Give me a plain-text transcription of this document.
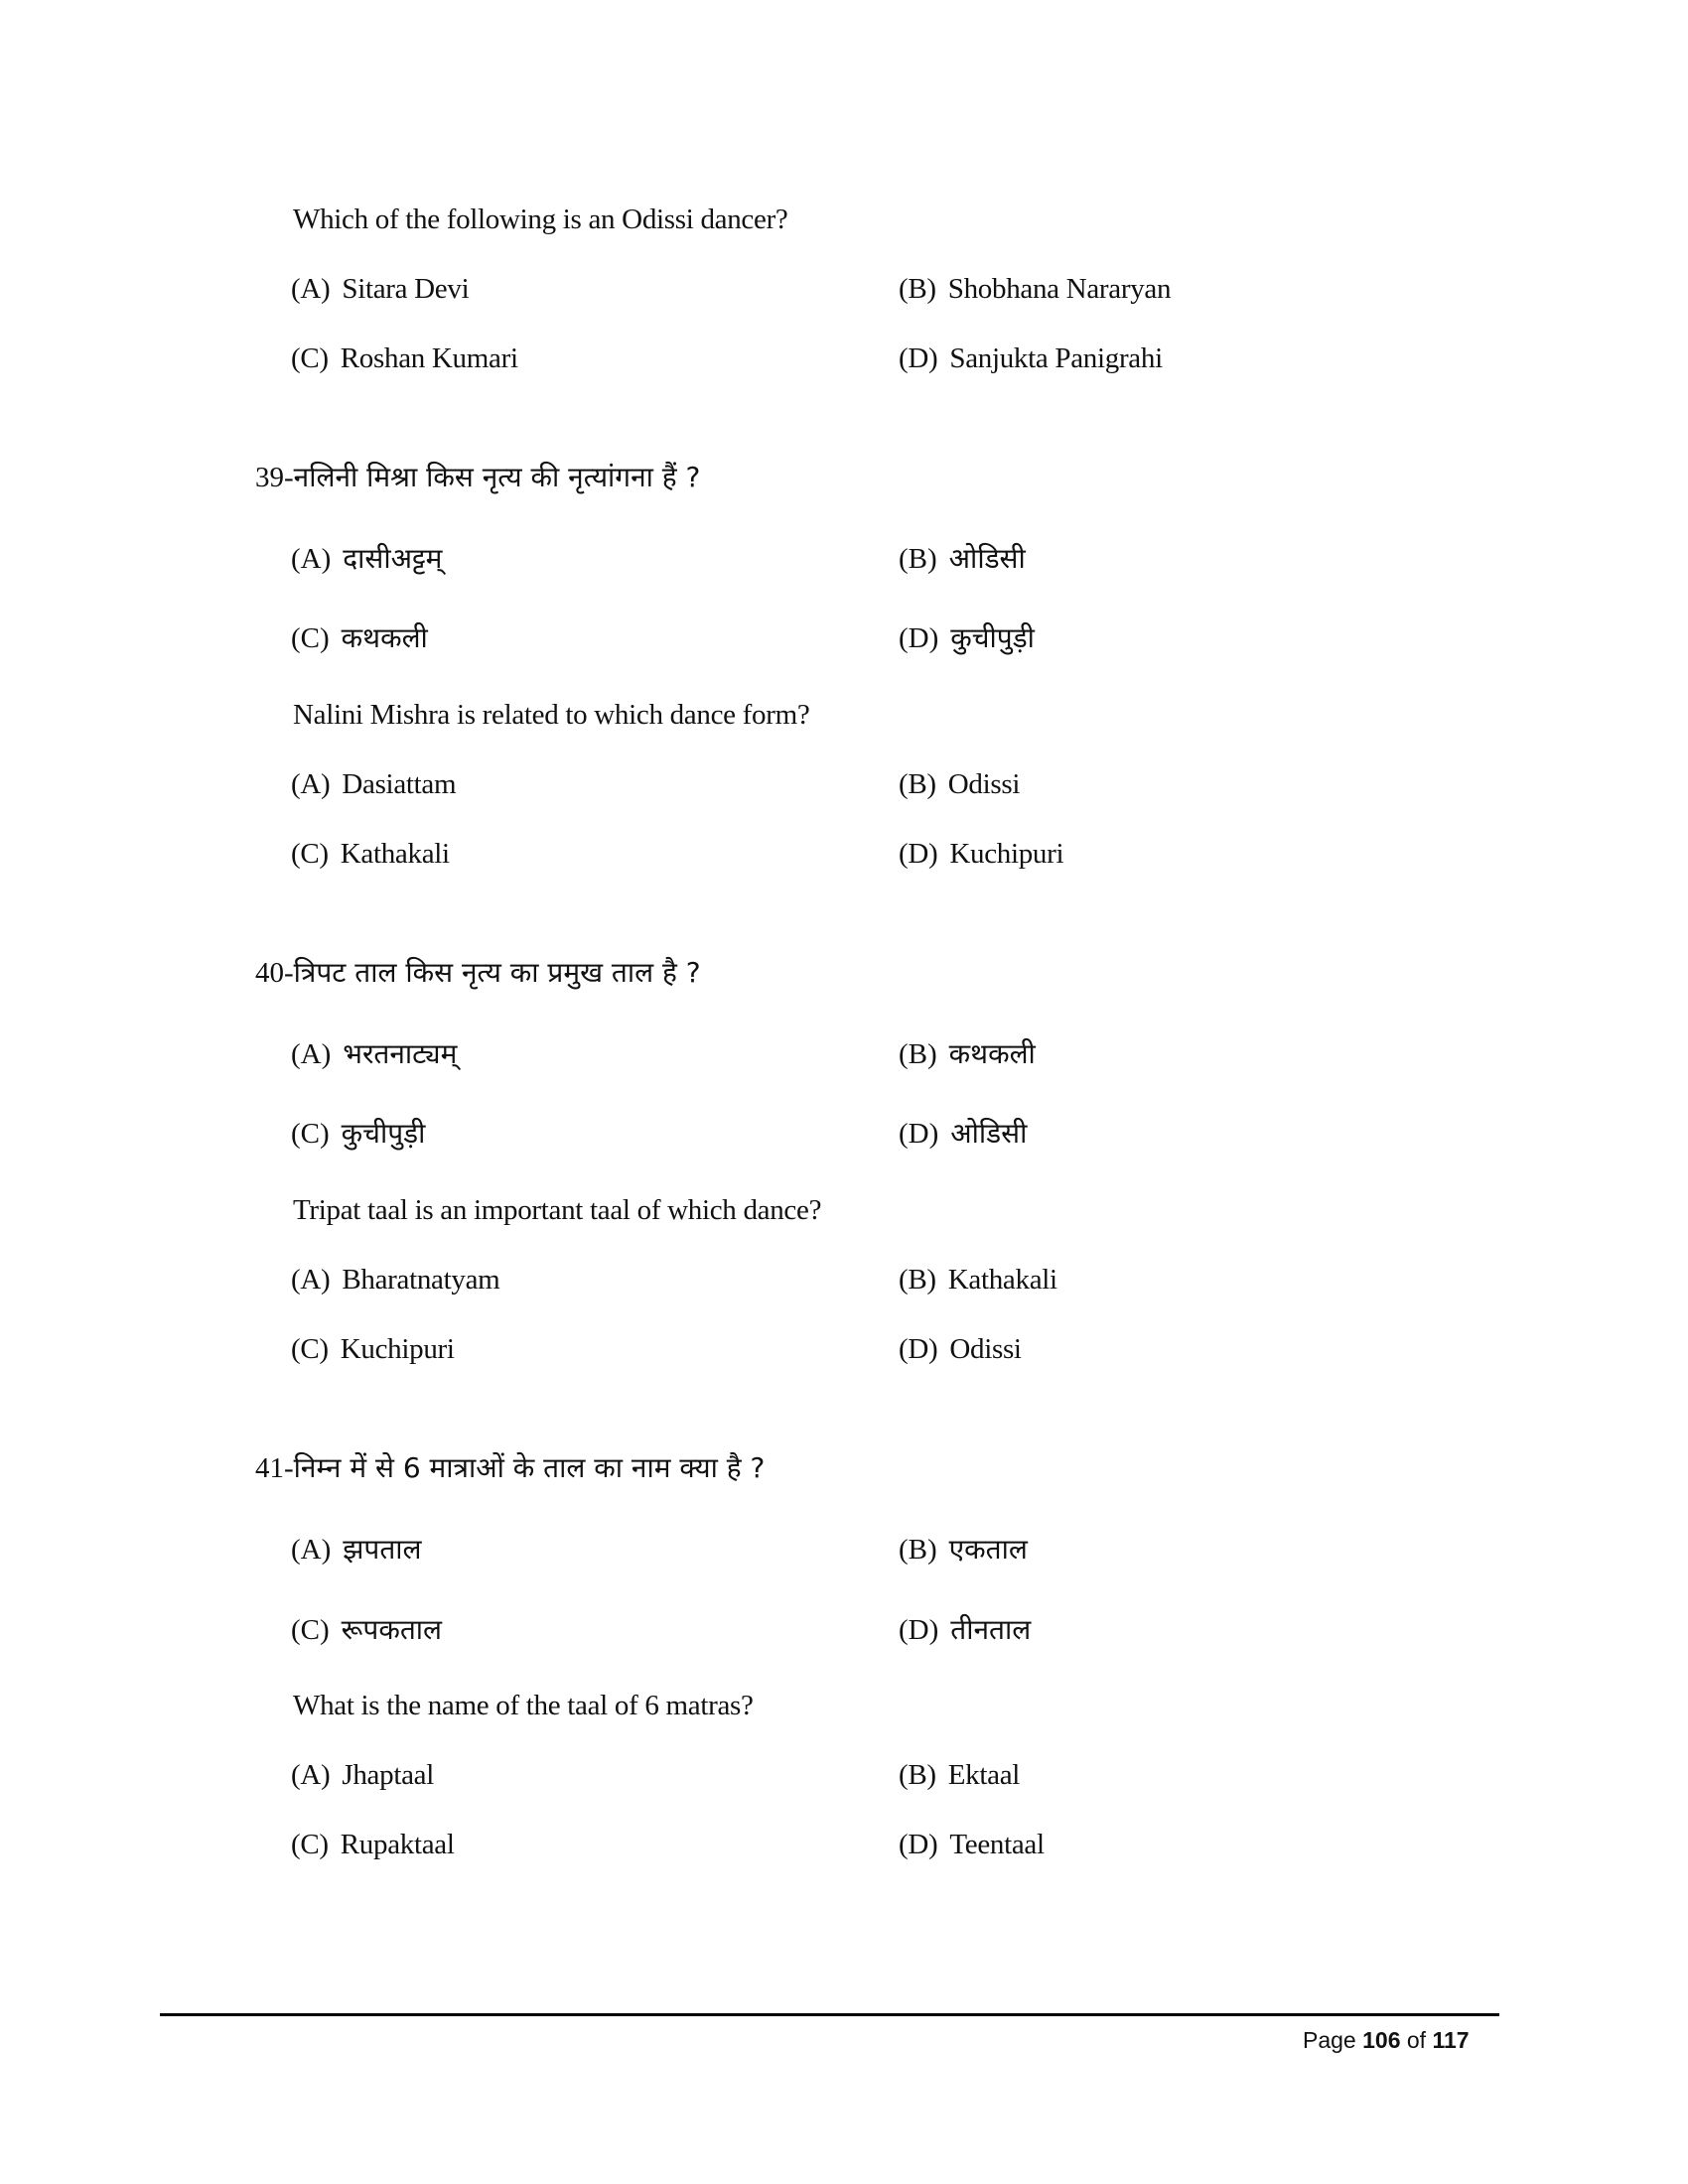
Which of the following is an Odissi dancer?
(A) Sitara Devi	(B) Shobhana Nararyan
(C) Roshan Kumari	(D) Sanjukta Panigrahi
39-नलिनी मिश्रा किस नृत्य की नृत्यांगना हैं ?
(A) दासीअट्टम्	(B) ओडिसी
(C) कथकली	(D) कुचीपुड़ी
Nalini Mishra is related to which dance form?
(A) Dasiattam	(B) Odissi
(C) Kathakali	(D) Kuchipuri
40-त्रिपट ताल किस नृत्य का प्रमुख ताल है ?
(A) भरतनाट्यम्	(B) कथकली
(C) कुचीपुड़ी	(D) ओडिसी
Tripat taal is an important taal of which dance?
(A) Bharatnatyam	(B) Kathakali
(C) Kuchipuri	(D) Odissi
41-निम्न में से 6 मात्राओं के ताल का नाम क्या है ?
(A) झपताल	(B) एकताल
(C) रूपकताल	(D) तीनताल
What is the name of the taal of 6 matras?
(A) Jhaptaal	(B) Ektaal
(C) Rupaktaal	(D) Teentaal
Page 106 of 117
